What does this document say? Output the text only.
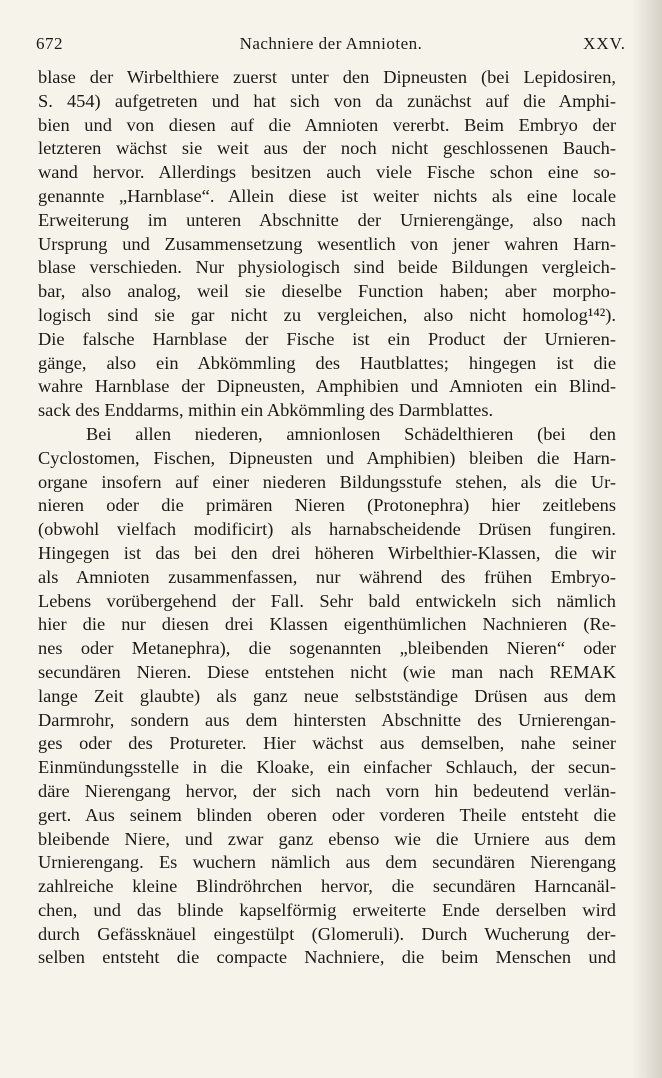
672	Nachniere der Amnioten.	XXV.
blase der Wirbelthiere zuerst unter den Dipneusten (bei Lepidosiren,
S. 454) aufgetreten und hat sich von da zunächst auf die Amphi-
bien und von diesen auf die Amnioten vererbt. Beim Embryo der
letzteren wächst sie weit aus der noch nicht geschlossenen Bauch-
wand hervor. Allerdings besitzen auch viele Fische schon eine so-
genannte „Harnblase“. Allein diese ist weiter nichts als eine locale
Erweiterung im unteren Abschnitte der Urnierengänge, also nach
Ursprung und Zusammensetzung wesentlich von jener wahren Harn-
blase verschieden. Nur physiologisch sind beide Bildungen vergleich-
bar, also analog, weil sie dieselbe Function haben; aber morpho-
logisch sind sie gar nicht zu vergleichen, also nicht homolog¹⁴²).
Die falsche Harnblase der Fische ist ein Product der Urnieren-
gänge, also ein Abkömmling des Hautblattes; hingegen ist die
wahre Harnblase der Dipneusten, Amphibien und Amnioten ein Blind-
sack des Enddarms, mithin ein Abkömmling des Darmblattes.
Bei allen niederen, amnionlosen Schädelthieren (bei den
Cyclostomen, Fischen, Dipneusten und Amphibien) bleiben die Harn-
organe insofern auf einer niederen Bildungsstufe stehen, als die Ur-
nieren oder die primären Nieren (Protonephra) hier zeitlebens
(obwohl vielfach modificirt) als harnabscheidende Drüsen fungiren.
Hingegen ist das bei den drei höheren Wirbelthier-Klassen, die wir
als Amnioten zusammenfassen, nur während des frühen Embryo-
Lebens vorübergehend der Fall. Sehr bald entwickeln sich nämlich
hier die nur diesen drei Klassen eigenthümlichen Nachnieren (Re-
nes oder Metanephra), die sogenannten „bleibenden Nieren“ oder
secundären Nieren. Diese entstehen nicht (wie man nach REMAK
lange Zeit glaubte) als ganz neue selbstständige Drüsen aus dem
Darmrohr, sondern aus dem hintersten Abschnitte des Urnierengan-
ges oder des Protureter. Hier wächst aus demselben, nahe seiner
Einmündungsstelle in die Kloake, ein einfacher Schlauch, der secun-
däre Nierengang hervor, der sich nach vorn hin bedeutend verlän-
gert. Aus seinem blinden oberen oder vorderen Theile entsteht die
bleibende Niere, und zwar ganz ebenso wie die Urniere aus dem
Urnierengang. Es wuchern nämlich aus dem secundären Nierengang
zahlreiche kleine Blindröhrchen hervor, die secundären Harncanäl-
chen, und das blinde kapselförmig erweiterte Ende derselben wird
durch Gefässknäuel eingestülpt (Glomeruli). Durch Wucherung der-
selben entsteht die compacte Nachniere, die beim Menschen und
